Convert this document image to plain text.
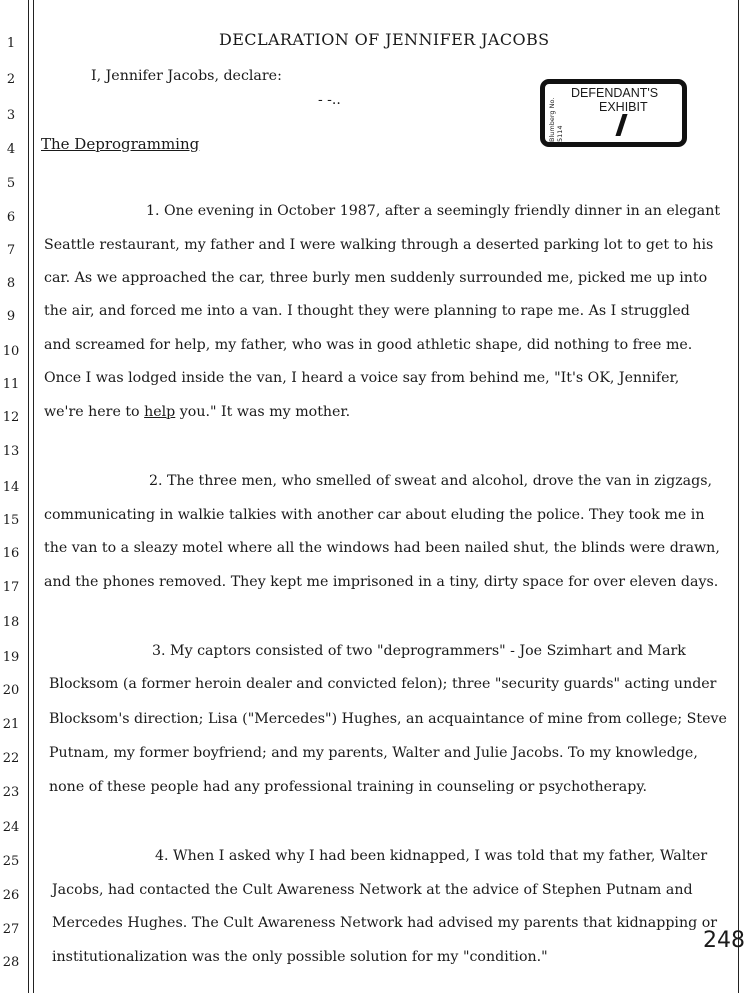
1
2
3
4
5
6
7
8
9
10
11
12
13
14
15
16
17
18
19
20
21
22
23
24
25
26
27
28
DECLARATION OF JENNIFER JACOBS
I, Jennifer Jacobs, declare:
- -..	Blumberg No. 5114
DEFENDANT'S
EXHIBIT
The Deprogramming
1. One evening in October 1987, after a seemingly friendly dinner in an elegant
Seattle restaurant, my father and I were walking through a deserted parking lot to get to his
car. As we approached the car, three burly men suddenly surrounded me, picked me up into
the air, and forced me into a van. I thought they were planning to rape me. As I struggled
and screamed for help, my father, who was in good athletic shape, did nothing to free me.
Once I was lodged inside the van, I heard a voice say from behind me, "It's OK, Jennifer,
we're here to help you." It was my mother.
2. The three men, who smelled of sweat and alcohol, drove the van in zigzags,
communicating in walkie talkies with another car about eluding the police. They took me in
the van to a sleazy motel where all the windows had been nailed shut, the blinds were drawn,
and the phones removed. They kept me imprisoned in a tiny, dirty space for over eleven days.
3. My captors consisted of two "deprogrammers" - Joe Szimhart and Mark
Blocksom (a former heroin dealer and convicted felon); three "security guards" acting under
Blocksom's direction; Lisa ("Mercedes") Hughes, an acquaintance of mine from college; Steve
Putnam, my former boyfriend; and my parents, Walter and Julie Jacobs. To my knowledge,
none of these people had any professional training in counseling or psychotherapy.
4. When I asked why I had been kidnapped, I was told that my father, Walter
Jacobs, had contacted the Cult Awareness Network at the advice of Stephen Putnam and
Mercedes Hughes. The Cult Awareness Network had advised my parents that kidnapping or
institutionalization was the only possible solution for my "condition."
248
